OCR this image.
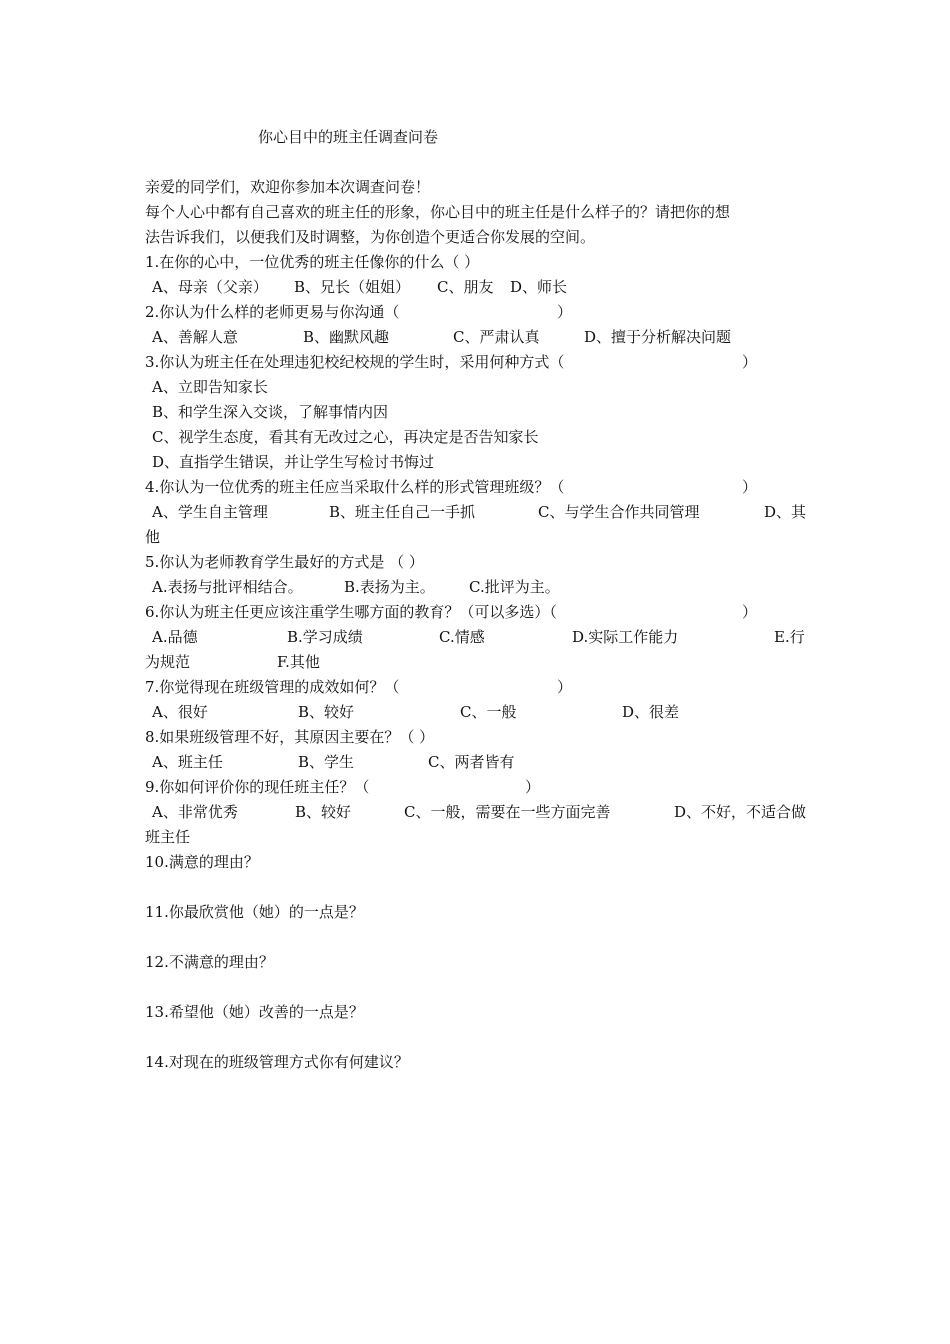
你心目中的班主任调查问卷
亲爱的同学们，欢迎你参加本次调查问卷！
每个人心中都有自己喜欢的班主任的形象，你心目中的班主任是什么样子的？请把你的想
法告诉我们，以便我们及时调整，为你创造个更适合你发展的空间。
1.在你的心中，一位优秀的班主任像你的什么（ ）
A、母亲（父亲） B、兄长（姐姐） C、朋友 D、师长
2.你认为什么样的老师更易与你沟通（	）
A、善解人意	B、幽默风趣	C、严肃认真	D、擅于分析解决问题
3.你认为班主任在处理违犯校纪校规的学生时，采用何种方式（	）
A、立即告知家长
B、和学生深入交谈，了解事情内因
C、视学生态度，看其有无改过之心，再决定是否告知家长
D、直指学生错误，并让学生写检讨书悔过
4.你认为一位优秀的班主任应当采取什么样的形式管理班级？（	）
A、学生自主管理	B、班主任自己一手抓	C、与学生合作共同管理	D、其
他
5.你认为老师教育学生最好的方式是 （ ）
A.表扬与批评相结合。	B.表扬为主。 C.批评为主。
6.你认为班主任更应该注重学生哪方面的教育？（可以多选）（	）
A.品德	B.学习成绩	C.情感	D.实际工作能力	E.行
为规范	F.其他
7.你觉得现在班级管理的成效如何？（	）
A、很好	B、较好	C、一般	D、很差
8.如果班级管理不好，其原因主要在？（ ）
A、班主任	B、学生	C、两者皆有
9.你如何评价你的现任班主任？（	）
A、非常优秀	B、较好	C、一般，需要在一些方面完善	D、不好，不适合做
班主任
10.满意的理由？
11.你最欣赏他（她）的一点是？
12.不满意的理由？
13.希望他（她）改善的一点是？
14.对现在的班级管理方式你有何建议？
